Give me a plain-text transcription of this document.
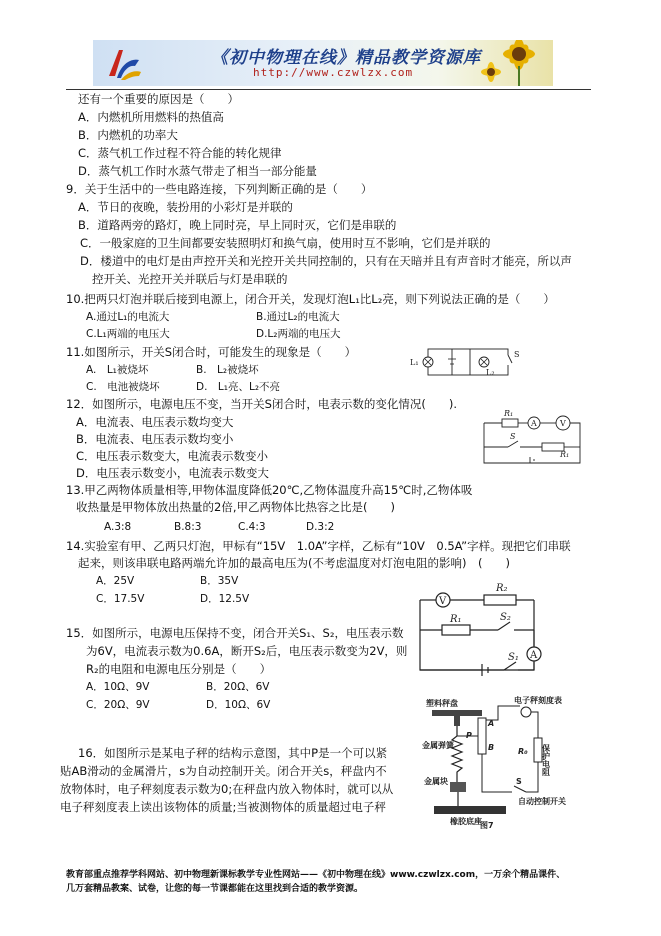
《初中物理在线》精品教学资源库
http://www.czwlzx.com
还有一个重要的原因是（　　）
A．内燃机所用燃料的热值高
B．内燃机的功率大
C．蒸气机工作过程不符合能的转化规律
D．蒸气机工作时水蒸气带走了相当一部分能量
9．关于生活中的一些电路连接，下列判断正确的是（　　）
A．节日的夜晚，装扮用的小彩灯是并联的
B．道路两旁的路灯，晚上同时亮，早上同时灭，它们是串联的
C．一般家庭的卫生间都要安装照明灯和换气扇，使用时互不影响，它们是并联的
D．楼道中的电灯是由声控开关和光控开关共同控制的，只有在天暗并且有声音时才能亮，所以声
控开关、光控开关并联后与灯是串联的
10.把两只灯泡并联后接到电源上，闭合开关，发现灯泡L₁比L₂亮，则下列说法正确的是（　　）
A.通过L₁的电流大	B.通过L₂的电流大
C.L₁两端的电压大	D.L₂两端的电压大
11.如图所示，开关S闭合时，可能发生的现象是（　　）
A.　L₁被烧坏	B.　L₂被烧坏
C.　电池被烧坏	D.　L₁亮、L₂不亮
12．如图所示，电源电压不变，当开关S闭合时，电表示数的变化情况(　　).
A．电流表、电压表示数均变大
B．电流表、电压表示数均变小
C．电压表示数变大，电流表示数变小
D．电压表示数变小，电流表示数变大
13.甲乙两物体质量相等,甲物体温度降低20℃,乙物体温度升高15℃时,乙物体吸
收热量是甲物体放出热量的2倍,甲乙两物体比热容之比是(　　)
A.3:8	B.8:3	C.4:3	D.3:2
14.实验室有甲、乙两只灯泡，甲标有“15V　1.0A”字样，乙标有“10V　0.5A”字样。现把它们串联
起来，则该串联电路两端允许加的最高电压为(不考虑温度对灯泡电阻的影响)　(　　)
A．25V	B．35V
C．17.5V	D．12.5V
15．如图所示，电源电压保持不变，闭合开关S₁、S₂，电压表示数
为6V，电流表示数为0.6A，断开S₂后，电压表示数变为2V，则
R₂的电阻和电源电压分别是（　　）
A．10Ω、9V	B．20Ω、6V
C．20Ω、9V	D．10Ω、6V
16．如图所示是某电子秤的结构示意图，其中P是一个可以紧
贴AB滑动的金属滑片，s为自动控制开关。闭合开关s，秤盘内不
放物体时，电子秤刻度表示数为0;在秤盘内放入物体时，就可以从
电子秤刻度表上读出该物体的质量;当被测物体的质量超过电子秤
L₁
L₂
S
R₁
A	V
S
R₁
V
R₂
S₂
R₁
S₁ A
塑料秤盘	电子秤刻度表
金属弹簧
金属块
橡胶底座
自动控制开关
保护电阻
P
A
B	R₀
S
图7
教育部重点推荐学科网站、初中物理新课标教学专业性网站——《初中物理在线》www.czwlzx.com，一万余个精品课件、
几万套精品教案、试卷，让您的每一节课都能在这里找到合适的教学资源。
